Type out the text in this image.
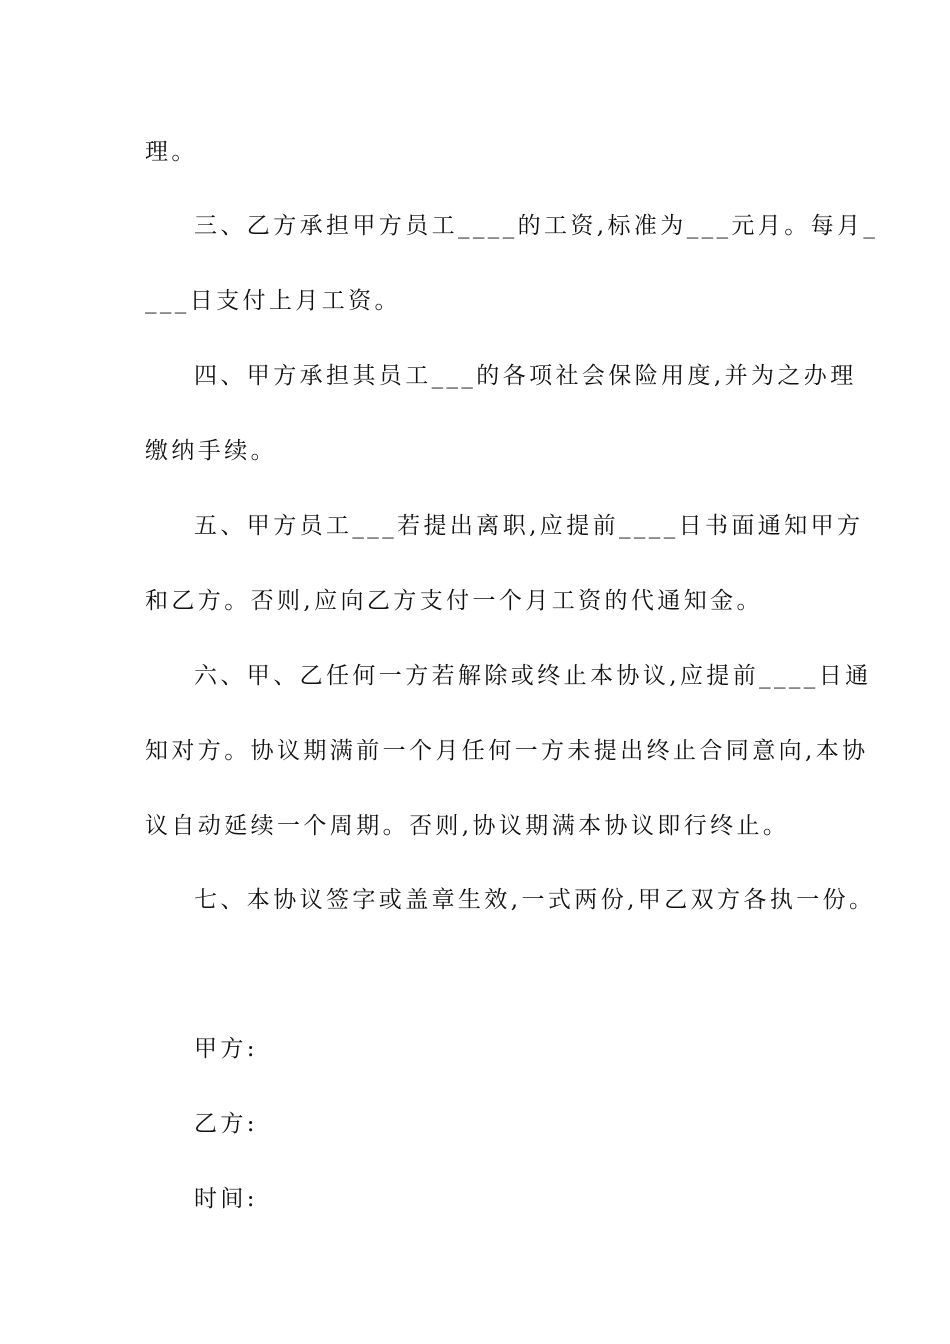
理。
三、乙方承担甲方员工____的工资,标准为___元月。每月_
___日支付上月工资。
四、甲方承担其员工___的各项社会保险用度,并为之办理
缴纳手续。
五、甲方员工___若提出离职,应提前____日书面通知甲方
和乙方。否则,应向乙方支付一个月工资的代通知金。
六、甲、乙任何一方若解除或终止本协议,应提前____日通
知对方。协议期满前一个月任何一方未提出终止合同意向,本协
议自动延续一个周期。否则,协议期满本协议即行终止。
七、本协议签字或盖章生效,一式两份,甲乙双方各执一份。
甲方:
乙方:
时间:
